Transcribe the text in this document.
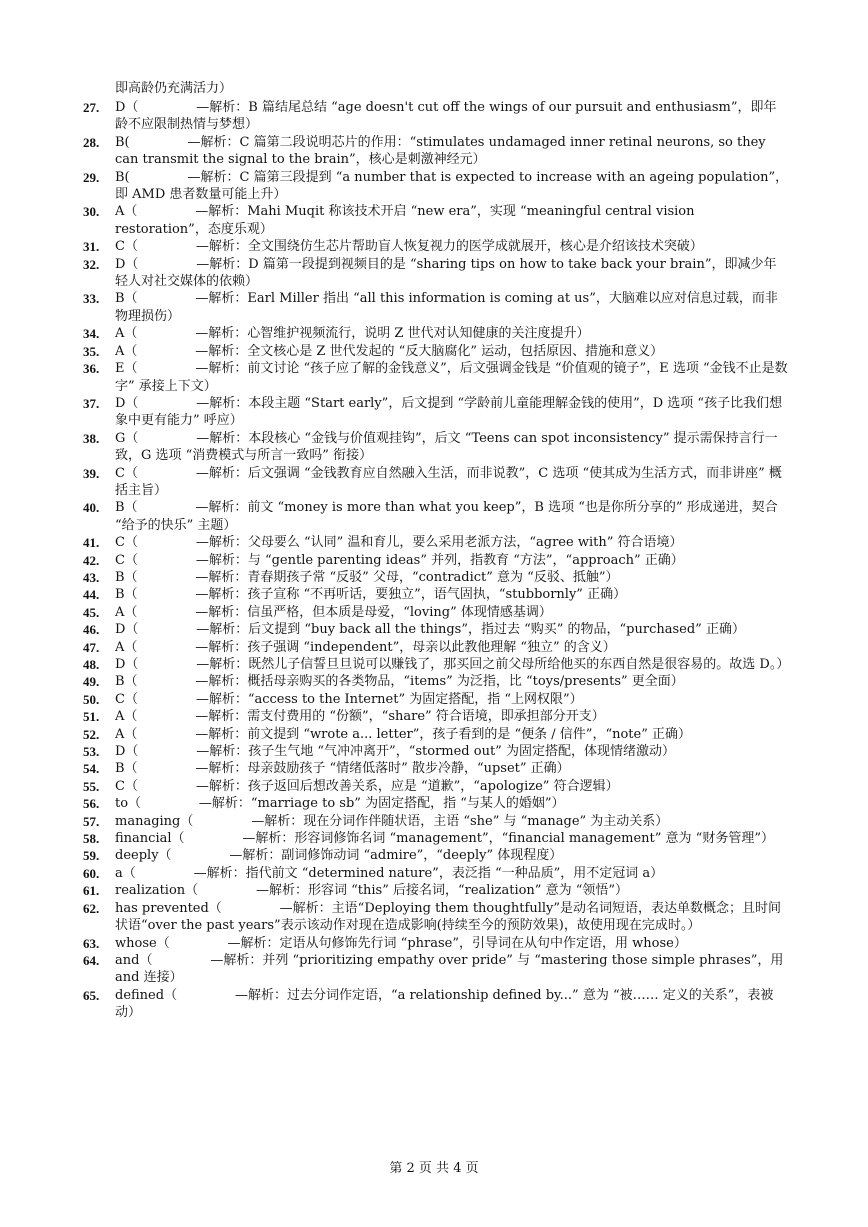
即高龄仍充满活力）
27.	D（              —解析：B 篇结尾总结 “age doesn't cut off the wings of our pursuit and enthusiasm”，即年龄不应限制热情与梦想）
28.	B(              —解析：C 篇第二段说明芯片的作用：“stimulates undamaged inner retinal neurons, so they can transmit the signal to the brain”，核心是刺激神经元）
29.	B(              —解析：C 篇第三段提到 “a number that is expected to increase with an ageing population”，即 AMD 患者数量可能上升）
30.	A（              —解析：Mahi Muqit 称该技术开启 “new era”，实现 “meaningful central vision restoration”，态度乐观）
31.	C（              —解析：全文围绕仿生芯片帮助盲人恢复视力的医学成就展开，核心是介绍该技术突破）
32.	D（              —解析：D 篇第一段提到视频目的是 “sharing tips on how to take back your brain”，即减少年轻人对社交媒体的依赖）
33.	B（              —解析：Earl Miller 指出 “all this information is coming at us”，大脑难以应对信息过载，而非物理损伤）
34.	A（              —解析：心智维护视频流行，说明 Z 世代对认知健康的关注度提升）
35.	A（              —解析：全文核心是 Z 世代发起的 “反大脑腐化” 运动，包括原因、措施和意义）
36.	E（              —解析：前文讨论 “孩子应了解的金钱意义”，后文强调金钱是 “价值观的镜子”，E 选项 “金钱不止是数字” 承接上下文）
37.	D（              —解析：本段主题 “Start early”，后文提到 “学龄前儿童能理解金钱的使用”，D 选项 “孩子比我们想象中更有能力” 呼应）
38.	G（              —解析：本段核心 “金钱与价值观挂钩”，后文 “Teens can spot inconsistency” 提示需保持言行一致，G 选项 “消费模式与所言一致吗” 衔接）
39.	C（              —解析：后文强调 “金钱教育应自然融入生活，而非说教”，C 选项 “使其成为生活方式，而非讲座” 概括主旨）
40.	B（              —解析：前文 “money is more than what you keep”，B 选项 “也是你所分享的” 形成递进，契合 “给予的快乐” 主题）
41.	C（              —解析：父母要么 “认同” 温和育儿，要么采用老派方法，“agree with” 符合语境）
42.	C（              —解析：与 “gentle parenting ideas” 并列，指教育 “方法”，“approach” 正确）
43.	B（              —解析：青春期孩子常 “反驳” 父母，“contradict” 意为 “反驳、抵触”）
44.	B（              —解析：孩子宣称 “不再听话，要独立”，语气固执，“stubbornly” 正确）
45.	A（              —解析：信虽严格，但本质是母爱，“loving” 体现情感基调）
46.	D（              —解析：后文提到 “buy back all the things”，指过去 “购买” 的物品，“purchased” 正确）
47.	A（              —解析：孩子强调 “independent”，母亲以此教他理解 “独立” 的含义）
48.	D（              —解析：既然儿子信誓旦旦说可以赚钱了，那买回之前父母所给他买的东西自然是很容易的。故选 D。）
49.	B（              —解析：概括母亲购买的各类物品，“items” 为泛指，比 “toys/presents” 更全面）
50.	C（              —解析：“access to the Internet” 为固定搭配，指 “上网权限”）
51.	A（              —解析：需支付费用的 “份额”，“share” 符合语境，即承担部分开支）
52.	A（              —解析：前文提到 “wrote a... letter”，孩子看到的是 “便条 / 信件”，“note” 正确）
53.	D（              —解析：孩子生气地 “气冲冲离开”，“stormed out” 为固定搭配，体现情绪激动）
54.	B（              —解析：母亲鼓励孩子 “情绪低落时” 散步冷静，“upset” 正确）
55.	C（              —解析：孩子返回后想改善关系，应是 “道歉”，“apologize” 符合逻辑）
56.	to（              —解析：“marriage to sb” 为固定搭配，指 “与某人的婚姻”）
57.	managing（              —解析：现在分词作伴随状语，主语 “she” 与 “manage” 为主动关系）
58.	financial（              —解析：形容词修饰名词 “management”，“financial management” 意为 “财务管理”）
59.	deeply（              —解析：副词修饰动词 “admire”，“deeply” 体现程度）
60.	a（              —解析：指代前文 “determined nature”，表泛指 “一种品质”，用不定冠词 a）
61.	realization（              —解析：形容词 “this” 后接名词，“realization” 意为 “领悟”）
62.	has prevented（              —解析：主语“Deploying them thoughtfully”是动名词短语，表达单数概念；且时间状语“over the past years”表示该动作对现在造成影响(持续至今的预防效果)，故使用现在完成时。）
63.	whose（              —解析：定语从句修饰先行词 “phrase”，引导词在从句中作定语，用 whose）
64.	and（              —解析：并列 “prioritizing empathy over pride” 与 “mastering those simple phrases”，用 and 连接）
65.	defined（              —解析：过去分词作定语，“a relationship defined by...” 意为 “被…… 定义的关系”，表被动）
第 2 页 共 4 页
